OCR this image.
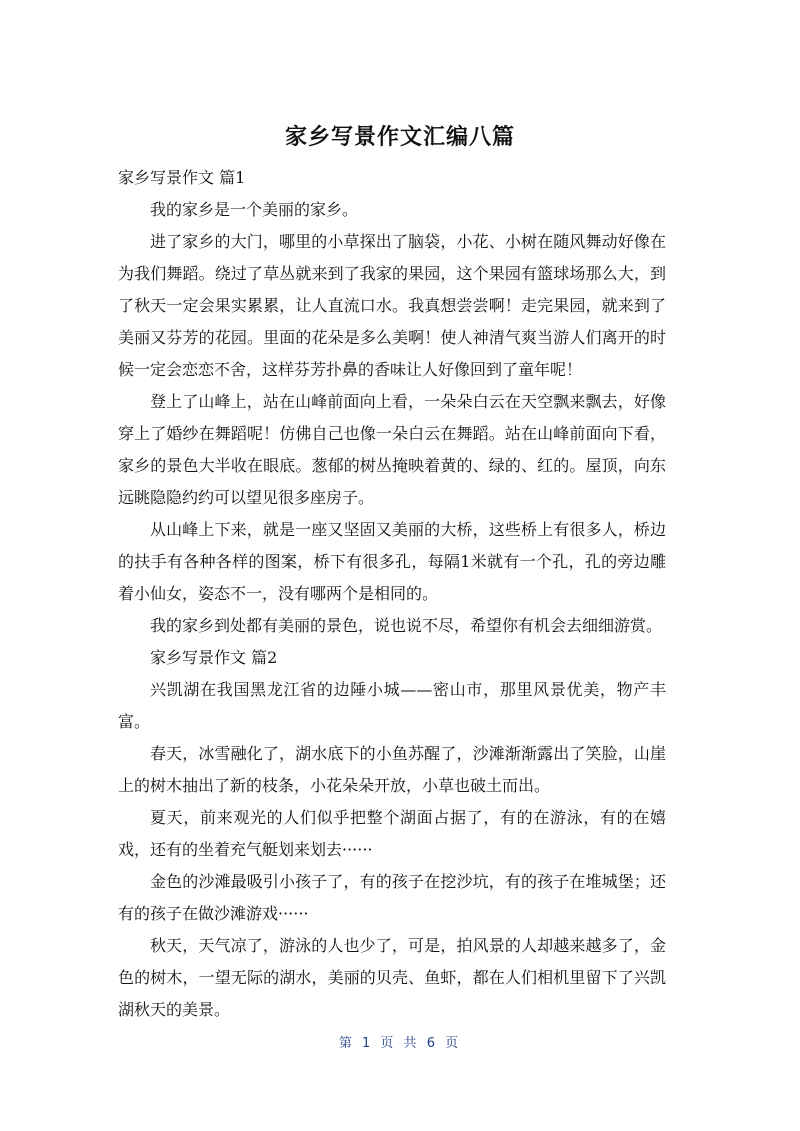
家乡写景作文汇编八篇

家乡写景作文 篇1

我的家乡是一个美丽的家乡。

进了家乡的大门，哪里的小草探出了脑袋，小花、小树在随风舞动好像在为我们舞蹈。绕过了草丛就来到了我家的果园，这个果园有篮球场那么大，到了秋天一定会果实累累，让人直流口水。我真想尝尝啊！走完果园，就来到了美丽又芬芳的花园。里面的花朵是多么美啊！使人神清气爽当游人们离开的时候一定会恋恋不舍，这样芬芳扑鼻的香味让人好像回到了童年呢！

登上了山峰上，站在山峰前面向上看，一朵朵白云在天空飘来飘去，好像穿上了婚纱在舞蹈呢！仿佛自己也像一朵白云在舞蹈。站在山峰前面向下看，家乡的景色大半收在眼底。葱郁的树丛掩映着黄的、绿的、红的。屋顶，向东远眺隐隐约约可以望见很多座房子。

从山峰上下来，就是一座又坚固又美丽的大桥，这些桥上有很多人，桥边的扶手有各种各样的图案，桥下有很多孔，每隔1米就有一个孔，孔的旁边雕着小仙女，姿态不一，没有哪两个是相同的。

我的家乡到处都有美丽的景色，说也说不尽，希望你有机会去细细游赏。

家乡写景作文 篇2

兴凯湖在我国黑龙江省的边陲小城——密山市，那里风景优美，物产丰富。

春天，冰雪融化了，湖水底下的小鱼苏醒了，沙滩渐渐露出了笑脸，山崖上的树木抽出了新的枝条，小花朵朵开放，小草也破土而出。

夏天，前来观光的人们似乎把整个湖面占据了，有的在游泳，有的在嬉戏，还有的坐着充气艇划来划去······

金色的沙滩最吸引小孩子了，有的孩子在挖沙坑，有的孩子在堆城堡；还有的孩子在做沙滩游戏······

秋天，天气凉了，游泳的人也少了，可是，拍风景的人却越来越多了，金色的树木，一望无际的湖水，美丽的贝壳、鱼虾，都在人们相机里留下了兴凯湖秋天的美景。

第 1 页 共 6 页
